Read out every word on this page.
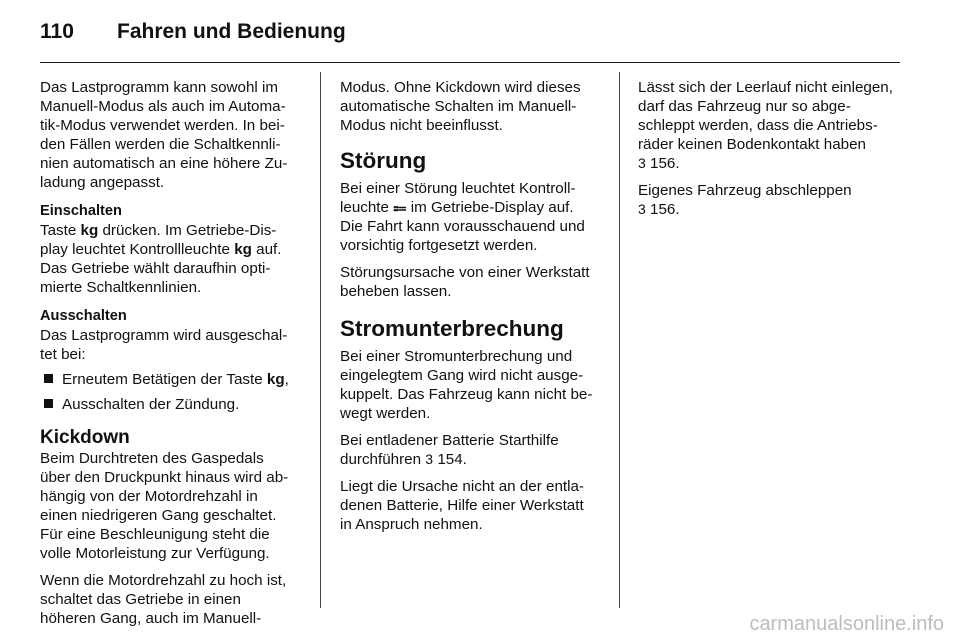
110 Fahren und Bedienung

Das Lastprogramm kann sowohl im
Manuell-Modus als auch im Automa-
tik-Modus verwendet werden. In bei-
den Fällen werden die Schaltkennli-
nien automatisch an eine höhere Zu-
ladung angepasst.

Einschalten

Taste kg drücken. Im Getriebe-Dis-
play leuchtet Kontrollleuchte kg auf.
Das Getriebe wählt daraufhin opti-
mierte Schaltkennlinien.

Ausschalten

Das Lastprogramm wird ausgeschal-
tet bei:

Erneutem Betätigen der Taste kg,
Ausschalten der Zündung.
Kickdown

Beim Durchtreten des Gaspedals
über den Druckpunkt hinaus wird ab-
hängig von der Motordrehzahl in
einen niedrigeren Gang geschaltet.
Für eine Beschleunigung steht die
volle Motorleistung zur Verfügung.

Wenn die Motordrehzahl zu hoch ist,
schaltet das Getriebe in einen
höheren Gang, auch im Manuell-

Modus. Ohne Kickdown wird dieses
automatische Schalten im Manuell-
Modus nicht beeinflusst.

Störung

Bei einer Störung leuchtet Kontroll-
leuchte ⩴ im Getriebe-Display auf.
Die Fahrt kann vorausschauend und
vorsichtig fortgesetzt werden.

Störungsursache von einer Werkstatt
beheben lassen.

Stromunterbrechung

Bei einer Stromunterbrechung und
eingelegtem Gang wird nicht ausge-
kuppelt. Das Fahrzeug kann nicht be-
wegt werden.

Bei entladener Batterie Starthilfe
durchführen 3 154.

Liegt die Ursache nicht an der entla-
denen Batterie, Hilfe einer Werkstatt
in Anspruch nehmen.

Lässt sich der Leerlauf nicht einlegen,
darf das Fahrzeug nur so abge-
schleppt werden, dass die Antriebs-
räder keinen Bodenkontakt haben
3 156.

Eigenes Fahrzeug abschleppen
3 156.

carmanualsonline.info
